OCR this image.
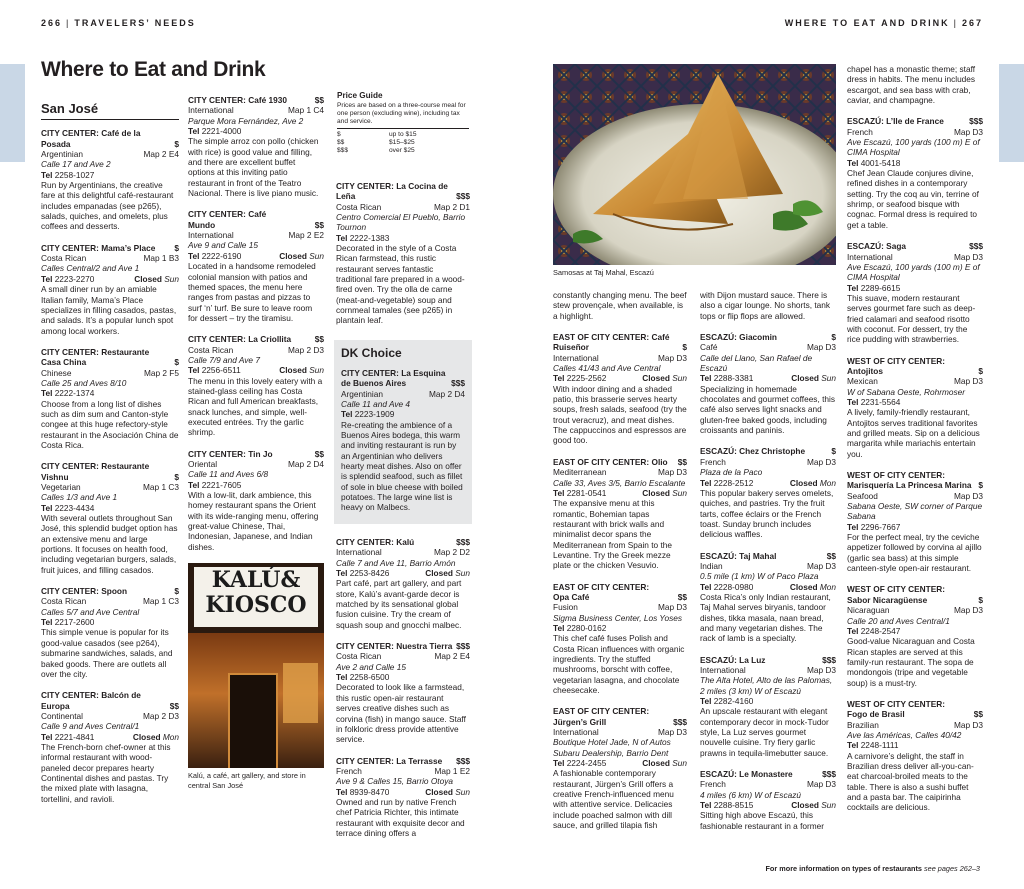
266 | TRAVELERS’ NEEDS	WHERE TO EAT AND DRINK | 267
Where to Eat and Drink
San José
CITY CENTER: Café de la
Posada	$
Argentinian	Map 2 E4
Calle 17 and Ave 2
Tel 2258-1027
Run by Argentinians, the creative fare at this delightful café-restaurant includes empanadas (see p265), salads, quiches, and omelets, plus coffees and desserts.
CITY CENTER: Mama’s Place $
Costa Rican	Map 1 B3
Calles Central/2 and Ave 1
Tel 2223-2270	Closed Sun
A small diner run by an amiable Italian family, Mama’s Place specializes in filling casados, pastas, and salads. It’s a popular lunch spot among local workers.
CITY CENTER: Restaurante
Casa China	$
Chinese	Map 2 F5
Calle 25 and Aves 8/10
Tel 2222-1374
Choose from a long list of dishes such as dim sum and Canton-style congee at this huge refectory-style restaurant in the Asociación China de Costa Rica.
CITY CENTER: Restaurante
Vishnu	$
Vegetarian	Map 1 C3
Calles 1/3 and Ave 1
Tel 2223-4434
With several outlets throughout San José, this splendid budget option has an extensive menu and large portions. It focuses on health food, including vegetarian burgers, salads, fruit juices, and filling casados.
CITY CENTER: Spoon	$
Costa Rican	Map 1 C3
Calles 5/7 and Ave Central
Tel 2217-2600
This simple venue is popular for its good-value casados (see p264), submarine sandwiches, salads, and baked goods. There are outlets all over the city.
CITY CENTER: Balcón de
Europa	$$
Continental	Map 2 D3
Calle 9 and Aves Central/1
Tel 2221-4841	Closed Mon
The French-born chef-owner at this informal restaurant with wood-paneled decor prepares hearty Continental dishes and pastas. Try the mixed plate with lasagna, tortellini, and ravioli.
CITY CENTER: Café 1930	$$
International	Map 1 C4
Parque Mora Fernández, Ave 2
Tel 2221-4000
The simple arroz con pollo (chicken with rice) is good value and filling, and there are excellent buffet options at this inviting patio restaurant in front of the Teatro Nacional. There is live piano music.
CITY CENTER: Café
Mundo	$$
International	Map 2 E2
Ave 9 and Calle 15
Tel 2222-6190	Closed Sun
Located in a handsome remodeled colonial mansion with patios and themed spaces, the menu here ranges from pastas and pizzas to surf ‘n’ turf. Be sure to leave room for dessert – try the tiramisu.
CITY CENTER: La Criollita	$$
Costa Rican	Map 2 D3
Calle 7/9 and Ave 7
Tel 2256-6511	Closed Sun
The menu in this lovely eatery with a stained-glass ceiling has Costa Rican and full American breakfasts, snack lunches, and simple, well-executed entrées. Try the garlic shrimp.
CITY CENTER: Tin Jo	$$
Oriental	Map 2 D4
Calle 11 and Aves 6/8
Tel 2221-7605
With a low-lit, dark ambience, this homey restaurant spans the Orient with its wide-ranging menu, offering great-value Chinese, Thai, Indonesian, Japanese, and Indian dishes.
KALÚ&
KIOSCO
Kalú, a café, art gallery, and store in central San José
Price Guide
Prices are based on a three-course meal for one person (excluding wine), including tax and service.
$	up to $15
$$	$15–$25
$$$	over $25
CITY CENTER: La Cocina de
Leña	$$$
Costa Rican	Map 2 D1
Centro Comercial El Pueblo, Barrio Tournon
Tel 2222-1383
Decorated in the style of a Costa Rican farmstead, this rustic restaurant serves fantastic traditional fare prepared in a wood-fired oven. Try the olla de carne (meat-and-vegetable) soup and cornmeal tamales (see p265) in plantain leaf.
DK Choice
CITY CENTER: La Esquina
de Buenos Aires	$$$
Argentinian	Map 2 D4
Calle 11 and Ave 4
Tel 2223-1909
Re-creating the ambience of a Buenos Aires bodega, this warm and inviting restaurant is run by an Argentinian who delivers hearty meat dishes. Also on offer is splendid seafood, such as fillet of sole in blue cheese with boiled potatoes. The large wine list is heavy on Malbecs.
CITY CENTER: Kalú	$$$
International	Map 2 D2
Calle 7 and Ave 11, Barrio Amón
Tel 2253-8426	Closed Sun
Part café, part art gallery, and part store, Kalú’s avant-garde decor is matched by its sensational global fusion cuisine. Try the cream of squash soup and gnocchi malbec.
CITY CENTER: Nuestra Tierra $$$
Costa Rican	Map 2 E4
Ave 2 and Calle 15
Tel 2258-6500
Decorated to look like a farmstead, this rustic open-air restaurant serves creative dishes such as corvina (fish) in mango sauce. Staff in folkloric dress provide attentive service.
CITY CENTER: La Terrasse $$$
French	Map 1 E2
Ave 9 & Calles 15, Barrio Otoya
Tel 8939-8470	Closed Sun
Owned and run by native French chef Patricia Richter, this intimate restaurant with exquisite decor and terrace dining offers a
Samosas at Taj Mahal, Escazú
constantly changing menu. The beef stew provençale, when available, is a highlight.
EAST OF CITY CENTER: Café
Ruiseñor	$
International	Map D3
Calles 41/43 and Ave Central
Tel 2225-2562	Closed Sun
With indoor dining and a shaded patio, this brasserie serves hearty soups, fresh salads, seafood (try the trout veracruz), and meat dishes. The cappuccinos and espressos are good too.
EAST OF CITY CENTER: Olio $$
Mediterranean	Map D3
Calle 33, Aves 3/5, Barrio Escalante
Tel 2281-0541	Closed Sun
The expansive menu at this romantic, Bohemian tapas restaurant with brick walls and minimalist decor spans the Mediterranean from Spain to the Levantine. Try the Greek mezze plate or the chicken Vesuvio.
EAST OF CITY CENTER:
Opa Café	$$
Fusion	Map D3
Sigma Business Center, Los Yoses
Tel 2280-0162
This chef café fuses Polish and Costa Rican influences with organic ingredients. Try the stuffed mushrooms, borscht with coffee, vegetarian lasagna, and chocolate cheesecake.
EAST OF CITY CENTER:
Jürgen’s Grill	$$$
International	Map D3
Boutique Hotel Jade, N of Autos Subaru Dealership, Barrio Dent
Tel 2224-2455	Closed Sun
A fashionable contemporary restaurant, Jürgen’s Grill offers a creative French-influenced menu with attentive service. Delicacies include poached salmon with dill sauce, and grilled tilapia fish
with Dijon mustard sauce. There is also a cigar lounge. No shorts, tank tops or flip flops are allowed.
ESCAZÚ: Giacomin	$
Café	Map D3
Calle del Llano, San Rafael de Escazú
Tel 2288-3381	Closed Sun
Specializing in homemade chocolates and gourmet coffees, this café also serves light snacks and gluten-free baked goods, including croissants and paninis.
ESCAZÚ: Chez Christophe	$
French	Map D3
Plaza de la Paco
Tel 2228-2512	Closed Mon
This popular bakery serves omelets, quiches, and pastries. Try the fruit tarts, coffee éclairs or the French toast. Sunday brunch includes delicious waffles.
ESCAZÚ: Taj Mahal	$$
Indian	Map D3
0.5 mile (1 km) W of Paco Plaza
Tel 2228-0980	Closed Mon
Costa Rica’s only Indian restaurant, Taj Mahal serves biryanis, tandoor dishes, tikka masala, naan bread, and many vegetarian dishes. The rack of lamb is a specialty.
ESCAZÚ: La Luz	$$$
International	Map D3
The Alta Hotel, Alto de las Palomas, 2 miles (3 km) W of Escazú
Tel 2282-4160
An upscale restaurant with elegant contemporary decor in mock-Tudor style, La Luz serves gourmet nouvelle cuisine. Try fiery garlic prawns in tequila-limebutter sauce.
ESCAZÚ: Le Monastere	$$$
French	Map D3
4 miles (6 km) W of Escazú
Tel 2288-8515	Closed Sun
Sitting high above Escazú, this fashionable restaurant in a former
chapel has a monastic theme; staff dress in habits. The menu includes escargot, and sea bass with crab, caviar, and champagne.
ESCAZÚ: L’Ile de France	$$$
French	Map D3
Ave Escazú, 100 yards (100 m) E of CIMA Hospital
Tel 4001-5418
Chef Jean Claude conjures divine, refined dishes in a contemporary setting. Try the coq au vin, terrine of shrimp, or seafood bisque with cognac. Formal dress is required to get a table.
ESCAZÚ: Saga	$$$
International	Map D3
Ave Escazú, 100 yards (100 m) E of CIMA Hospital
Tel 2289-6615
This suave, modern restaurant serves gourmet fare such as deep-fried calamari and seafood risotto with coconut. For dessert, try the rice pudding with strawberries.
WEST OF CITY CENTER:
Antojitos	$
Mexican	Map D3
W of Sabana Oeste, Rohrmoser
Tel 2231-5564
A lively, family-friendly restaurant, Antojitos serves traditional favorites and grilled meats. Sip on a delicious margarita while mariachis entertain you.
WEST OF CITY CENTER:
Marisquería La Princesa Marina $
Seafood	Map D3
Sabana Oeste, SW corner of Parque Sabana
Tel 2296-7667
For the perfect meal, try the ceviche appetizer followed by corvina al ajillo (garlic sea bass) at this simple canteen-style open-air restaurant.
WEST OF CITY CENTER:
Sabor Nicaragüense	$
Nicaraguan	Map D3
Calle 20 and Aves Central/1
Tel 2248-2547
Good-value Nicaraguan and Costa Rican staples are served at this family-run restaurant. The sopa de mondongois (tripe and vegetable soup) is a must-try.
WEST OF CITY CENTER:
Fogo de Brasil	$$
Brazilian	Map D3
Ave las Américas, Calles 40/42
Tel 2248-1111
A carnivore’s delight, the staff in Brazilian dress deliver all-you-can-eat charcoal-broiled meats to the table. There is also a sushi buffet and a pasta bar. The caipirinha cocktails are delicious.
For more information on types of restaurants see pages 262–3
